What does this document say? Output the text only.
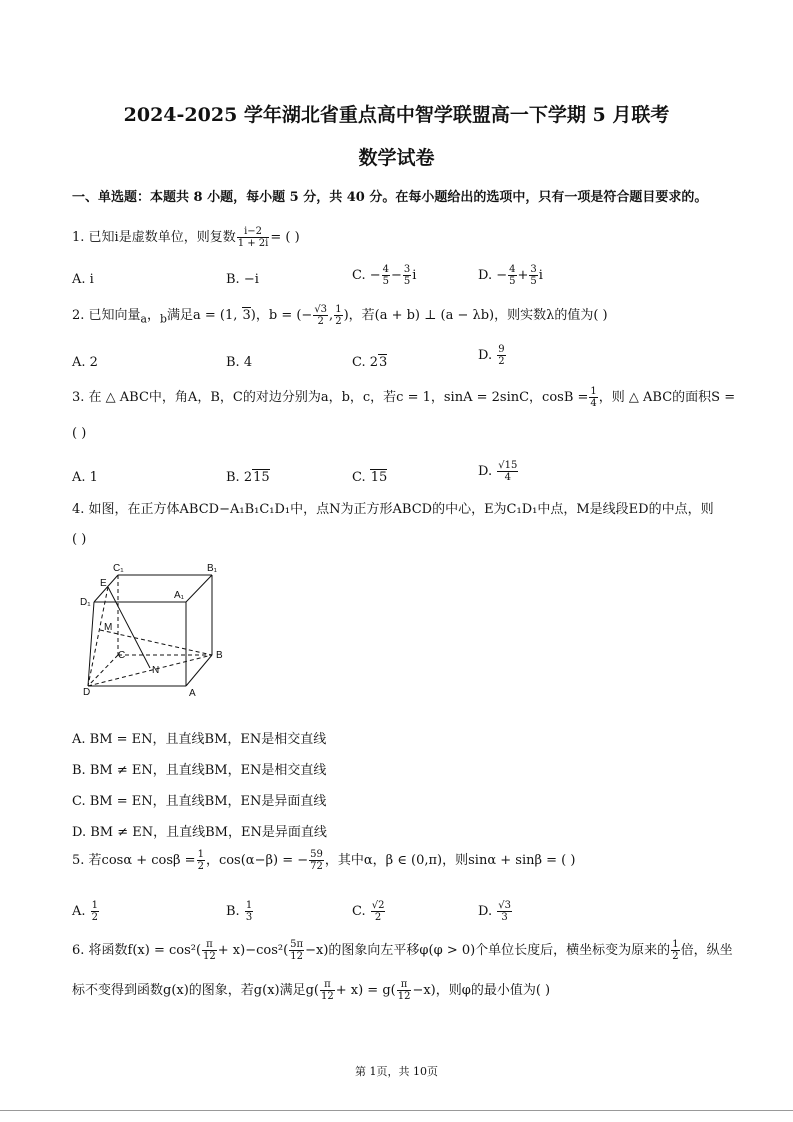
2024-2025 学年湖北省重点高中智学联盟高一下学期 5 月联考
数学试卷
一、单选题：本题共 8 小题，每小题 5 分，共 40 分。在每小题给出的选项中，只有一项是符合题目要求的。
1. 已知i是虚数单位，则复数 $\frac{i-2}{1 + 2i}$ = ( )
A. i	B. −i	C. − $\frac{4}{5} - \frac{3}{5}$ i	D. − $\frac{4}{5} + \frac{3}{5}$ i
2. 已知向量$_a$，$_b$满足a = (1, 3)，b = (− $\frac{√3}{2}$ , $\frac{1}{2}$ )，若(a + b) ⊥ (a − λb)，则实数λ的值为( )
A. 2	B. 4	C. 23	D. $\frac{9}{2}$
3. 在 △ ABC中，角A，B，C的对边分别为a，b，c，若c = 1，sinA = 2sinC，$\cos B = \frac{1}{4}$ ，则 △ ABC的面积S =
( )
A. 1	B. 215	C. 15	D. $\frac{√15}{4}$
4. 如图，在正方体ABCD−A₁B₁C₁D₁中，点N为正方形ABCD的中心，E为C₁D₁中点，M是线段ED的中点，则
( )
C₁	B₁
E
D₁
A₁
M
C	B
N
D	A
A. BM = EN，且直线BM，EN是相交直线
B. BM ≠ EN，且直线BM，EN是相交直线
C. BM = EN，且直线BM，EN是异面直线
D. BM ≠ EN，且直线BM，EN是异面直线
5. 若$\cos\alpha + \cos\beta = \frac{1}{2}$ ，cos(α−β) = − $\frac{59}{72}$ ，其中α，β ∈ (0,π)，则sinα + sinβ = ( )
A. $\frac{1}{2}$	B. $\frac{1}{3}$	C. $\frac{√2}{2}$	D. $\frac{√3}{3}$
6. 将函数$f(x) = \cos^2( \frac{\pi}{12} + x)-\cos^2( \frac{5\pi}{12} -x)$的图象向左平移φ(φ > 0)个单位长度后，横坐标变为原来的 $\frac{1}{2}$ 倍，纵坐
标不变得到函数g(x)的图象，若g(x)满足$g( \frac{\pi}{12} + x) = g( \frac{\pi}{12} -x)$，则φ的最小值为( )
第 1页，共 10页
